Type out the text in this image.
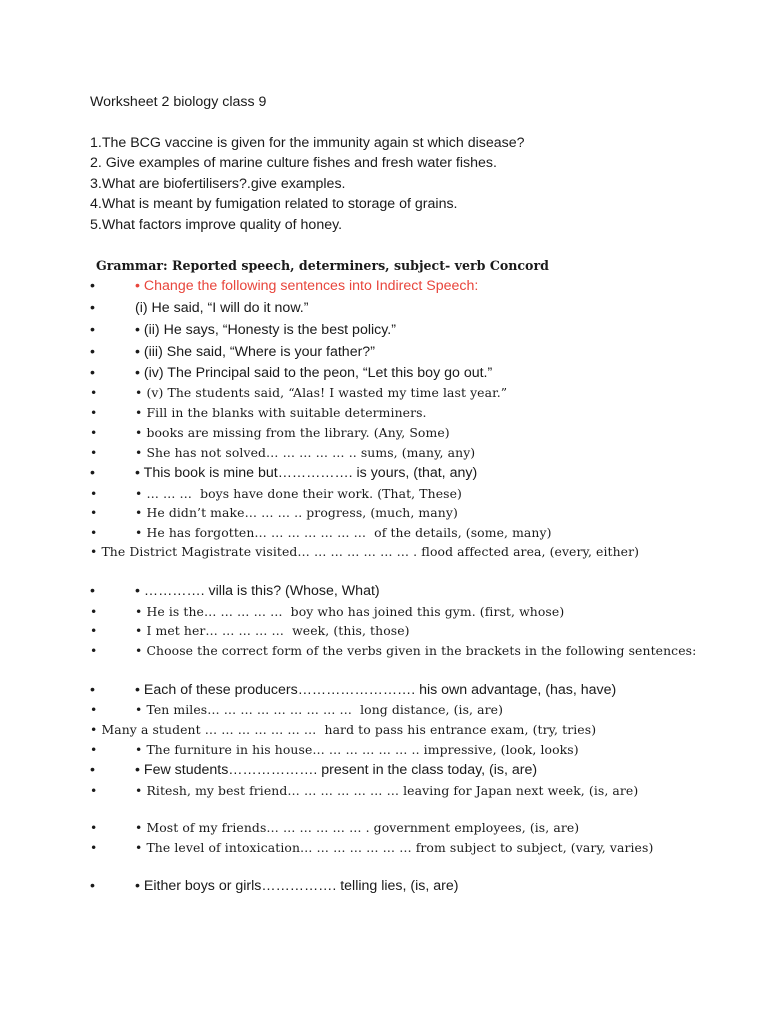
Worksheet 2 biology class 9

1.The BCG vaccine is given for the immunity again st which disease?

2. Give examples of marine culture fishes and fresh water fishes.

3.What are biofertilisers?.give examples.

4.What is meant by fumigation related to storage of grains.

5.What factors improve quality of honey.

Grammar: Reported speech, determiners, subject- verb Concord

•	• Change the following sentences into Indirect Speech:

•	(i) He said, “I will do it now.”

•	• (ii) He says, “Honesty is the best policy.”

•	• (iii) She said, “Where is your father?”

•	• (iv) The Principal said to the peon, “Let this boy go out.”

•	• (v) The students said, “Alas! I wasted my time last year.”

•	• Fill in the blanks with suitable determiners.

•	• books are missing from the library. (Any, Some)

•	• She has not solved… … … … … .. sums, (many, any)

•	• This book is mine but……………. is yours, (that, any)

•	• … … …  boys have done their work. (That, These)

•	• He didn’t make… … … .. progress, (much, many)

•	• He has forgotten… … … … … … …  of the details, (some, many)

• The District Magistrate visited… … … … … … … . flood affected area, (every, either)

•	• …………. villa is this? (Whose, What)

•	• He is the… … … … …  boy who has joined this gym. (first, whose)

•	• I met her… … … … …  week, (this, those)

•	• Choose the correct form of the verbs given in the brackets in the following sentences:

•	• Each of these producers……………………. his own advantage, (has, have)

•	• Ten miles… … … … … … … … …  long distance, (is, are)

• Many a student … … … … … … …  hard to pass his entrance exam, (try, tries)

•	• The furniture in his house… … … … … … .. impressive, (look, looks)

•	• Few students………………. present in the class today, (is, are)

•	• Ritesh, my best friend… … … … … … … leaving for Japan next week, (is, are)

•	• Most of my friends… … … … … … . government employees, (is, are)

•	• The level of intoxication… … … … … … … from subject to subject, (vary, varies)

•	• Either boys or girls……………. telling lies, (is, are)
